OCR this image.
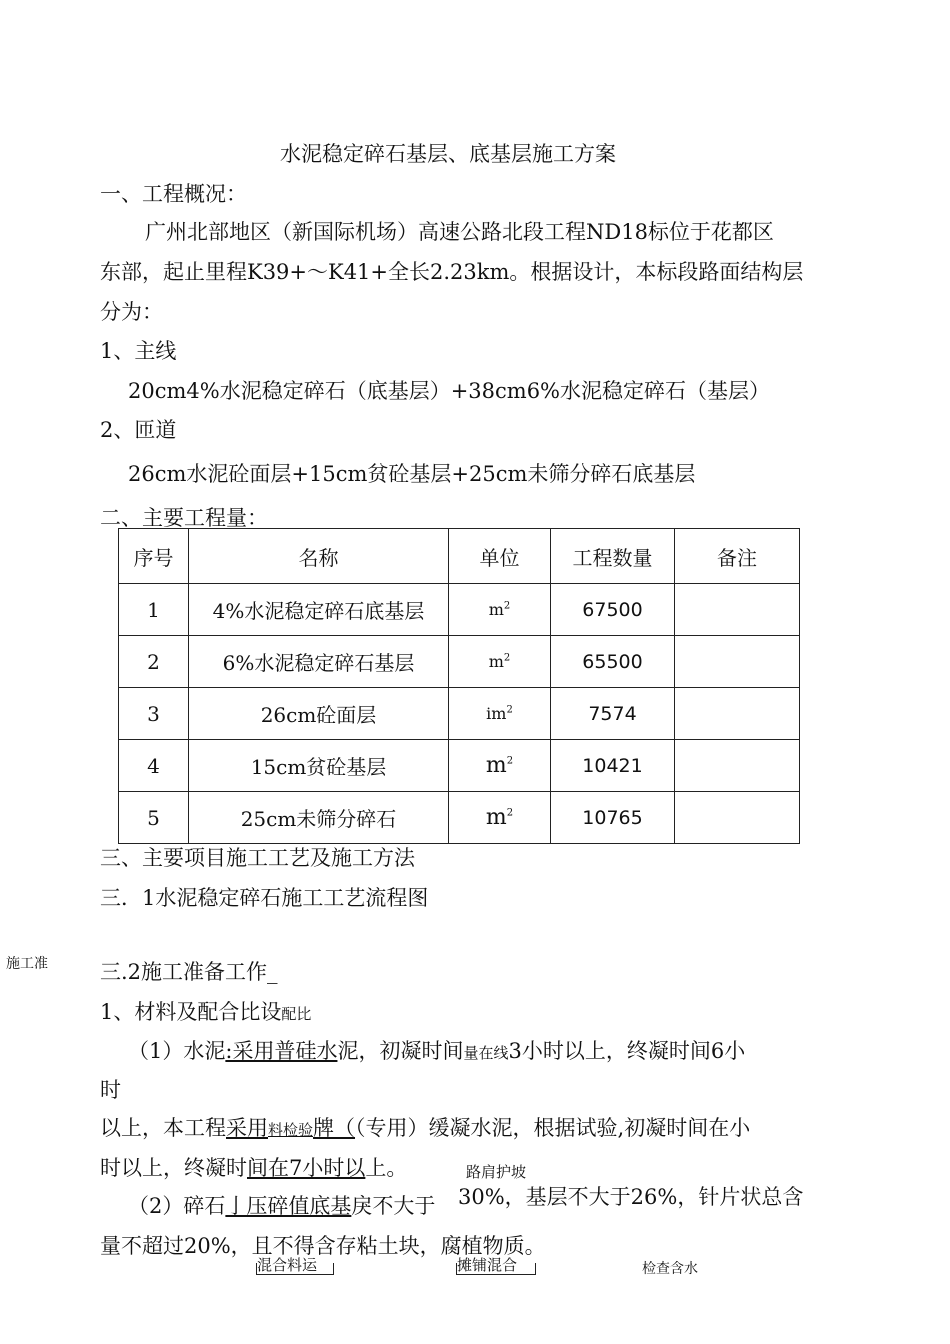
水泥稳定碎石基层、底基层施工方案
一、工程概况：
广州北部地区（新国际机场）高速公路北段工程ND18标位于花都区
东部，起止里程K39+〜K41+全长2.23km。根据设计，本标段路面结构层
分为：
1、主线
20cm4%水泥稳定碎石（底基层）+38cm6%水泥稳定碎石（基层）
2、匝道
26cm水泥砼面层+15cm贫砼基层+25cm未筛分碎石底基层
二、主要工程量：
序号	名称	单位	工程数量	备注
1	4%水泥稳定碎石底基层	$m^2$	67500	
2	6%水泥稳定碎石基层	$m^2$	65500	
3	26cm砼面层	$im^2$	7574	
4	15cm贫砼基层	$m^2$	10421	
5	25cm未筛分碎石	$m^2$	10765	
三、主要项目施工工艺及施工方法
三．1水泥稳定碎石施工工艺流程图
施工准 三.2施工准备工作_
1、材料及配合比设配比
（1）水泥:采用普硅水泥，初凝时间量在线3小时以上，终凝时间6小
时
以上，本工程采用料检验牌（（专用）缓凝水泥，根据试验,初凝时间在小
时以上，终凝时间在7小时以上。	路肩护坡
（2）碎石亅压碎值底基戾不大于 30%，基层不大于26%，针片状总含
量不超过20%，且不得含存粘土块，腐植物质。
混合料运	摊铺混合	检查含水
